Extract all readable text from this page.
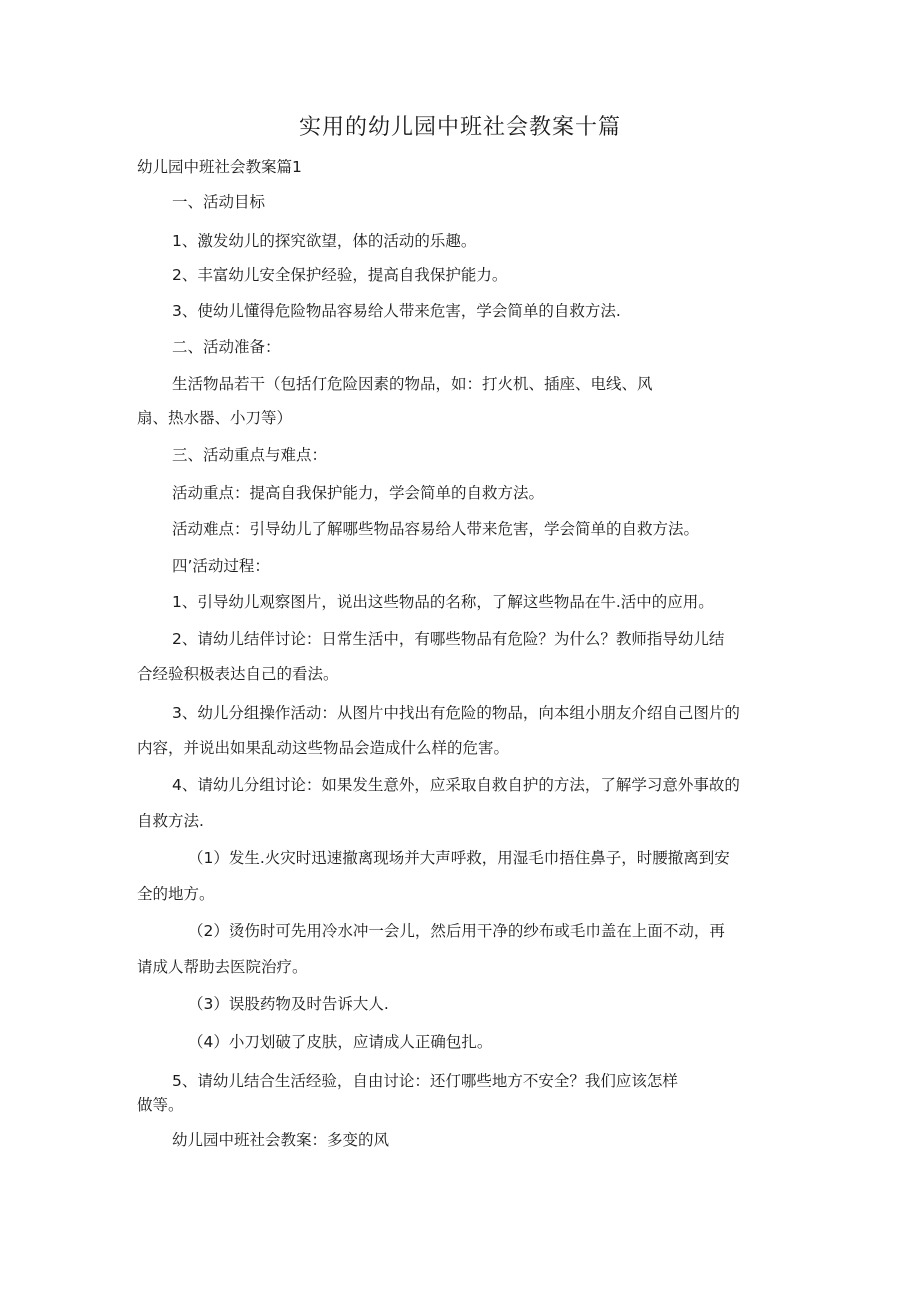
实用的幼儿园中班社会教案十篇

幼儿园中班社会教案篇1

一、活动目标

1、激发幼儿的探究欲望，体的活动的乐趣。

2、丰富幼儿安全保护经验，提高自我保护能力。

3、使幼儿懂得危险物品容易给人带来危害，学会简单的自救方法.

二、活动准备：

生活物品若干（包括仃危险因素的物品，如：打火机、插座、电线、风

扇、热水器、小刀等）

三、活动重点与难点：

活动重点：提高自我保护能力，学会简单的自救方法。

活动难点：引导幼儿了解哪些物品容易给人带来危害，学会简单的自救方法。

四’活动过程：

1、引导幼儿观察图片，说出这些物品的名称，了解这些物品在牛.活中的应用。

2、请幼儿结伴讨论：日常生活中，有哪些物品有危险？为什么？教师指导幼儿结

合经验积极表达自己的看法。

3、幼儿分组操作活动：从图片中找出有危险的物品，向本组小朋友介绍自己图片的

内容，并说出如果乱动这些物品会造成什么样的危害。

4、请幼儿分组讨论：如果发生意外，应采取自救自护的方法，了解学习意外事故的

自救方法.

（1）发生.火灾时迅速撤离现场并大声呼救，用湿毛巾捂住鼻子，时腰撤离到安

全的地方。

（2）烫伤时可先用冷水冲一会儿，然后用干净的纱布或毛巾盖在上面不动，再

请成人帮助去医院治疗。

（3）误股药物及时告诉大人.

（4）小刀划破了皮肤，应请成人正确包扎。

5、请幼儿结合生活经验，自由讨论：还仃哪些地方不安全？我们应该怎样

做等。

幼儿园中班社会教案：多变的风
